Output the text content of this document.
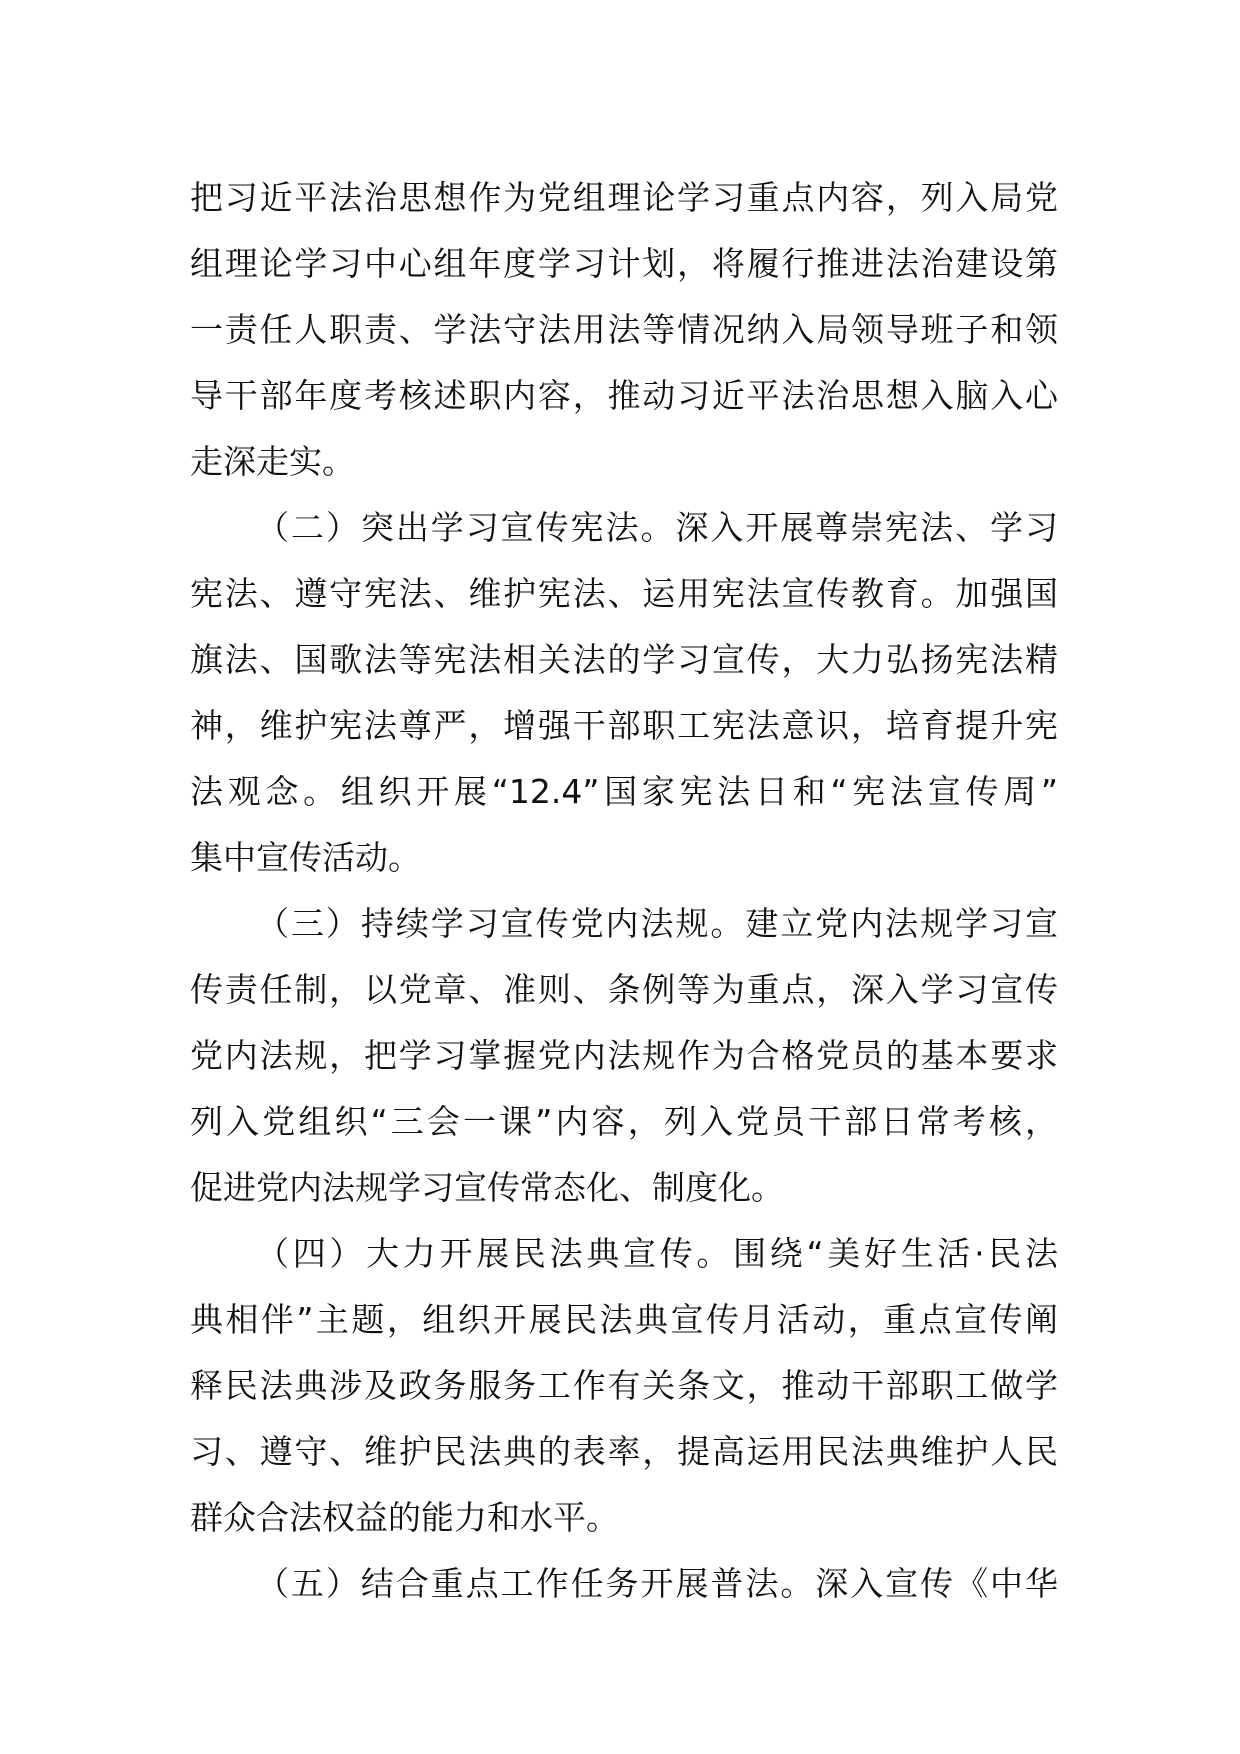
把习近平法治思想作为党组理论学习重点内容，列入局党
组理论学习中心组年度学习计划，将履行推进法治建设第
一责任人职责、学法守法用法等情况纳入局领导班子和领
导干部年度考核述职内容，推动习近平法治思想入脑入心
走深走实。
（二）突出学习宣传宪法。深入开展尊崇宪法、学习
宪法、遵守宪法、维护宪法、运用宪法宣传教育。加强国
旗法、国歌法等宪法相关法的学习宣传，大力弘扬宪法精
神，维护宪法尊严，增强干部职工宪法意识，培育提升宪
法观念。组织开展“12.4”国家宪法日和“宪法宣传周”
集中宣传活动。
（三）持续学习宣传党内法规。建立党内法规学习宣
传责任制，以党章、准则、条例等为重点，深入学习宣传
党内法规，把学习掌握党内法规作为合格党员的基本要求
列入党组织“三会一课”内容，列入党员干部日常考核，
促进党内法规学习宣传常态化、制度化。
（四）大力开展民法典宣传。围绕“美好生活·民法
典相伴”主题，组织开展民法典宣传月活动，重点宣传阐
释民法典涉及政务服务工作有关条文，推动干部职工做学
习、遵守、维护民法典的表率，提高运用民法典维护人民
群众合法权益的能力和水平。
（五）结合重点工作任务开展普法。深入宣传《中华
